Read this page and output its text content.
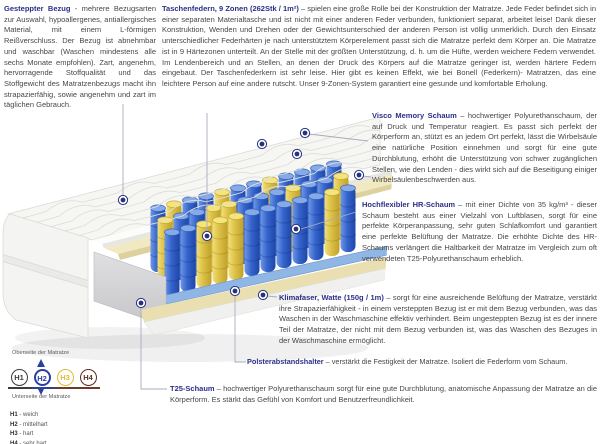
Gesteppter Bezug - mehrere Bezugsarten zur Auswahl, hypoallergenes, antiallergisches Material, mit einem L-förmigen Reißverschluss. Der Bezug ist abnehmbar und waschbar (Waschen mindestens alle sechs Monate empfohlen). Zart, angenehm, hervorragende Stoffqualität und das Stoffgewicht des Matratzenbezugs macht ihn strapazierfähig, sowie angenehm und zart im täglichen Gebrauch.
Taschenfedern, 9 Zonen (262Stk / 1m²) – spielen eine große Rolle bei der Konstruktion der Matratze. Jede Feder befindet sich in einer separaten Materialtasche und ist nicht mit einer anderen Feder verbunden, funktioniert separat, arbeitet leise! Dank dieser Konstruktion, Wenden und Drehen oder der Gewichtsunterschied der anderen Person ist völlig unmerklich. Durch den Einsatz unterschiedlicher Federhärten je nach unterstütztem Körperelement passt sich die Matratze perfekt dem Körper an. Die Matratze ist in 9 Härtezonen unterteilt. An der Stelle mit der größten Unterstützung, d. h. um die Hüfte, werden weichere Federn verwendet. Im Lendenbereich und an Stellen, an denen der Druck des Körpers auf die Matratze geringer ist, werden härtere Federn eingebaut. Der Taschenfederkern ist sehr leise. Hier gibt es keinen Effekt, wie bei Bonell (Federkern)- Matratzen, das eine leichtere Person auf eine andere rutscht. Unser 9-Zonen-System garantiert eine gesunde und komfortable Erholung.
Visco Memory Schaum – hochwertiger Polyurethanschaum, der auf Druck und Temperatur reagiert. Es passt sich perfekt der Körperform an, stützt es an jedem Ort perfekt, lässt die Wirbelsäule eine natürliche Position einnehmen und sorgt für eine gute Durchblutung, erhöht die Unterstützung von schwer zugänglichen Stellen, wie den Lenden - dies wirkt sich auf die Beseitigung einiger Wirbelsäulenbeschwerden aus.
Hochflexibler HR-Schaum – mit einer Dichte von 35 kg/m³ - dieser Schaum besteht aus einer Vielzahl von Luftblasen, sorgt für eine perfekte Körperanpassung, sehr guten Schlafkomfort und garantiert eine perfekte Belüftung der Matratze. Die erhöhte Dichte des HR-Schaums verlängert die Haltbarkeit der Matratze im Vergleich zum oft verwendeten T25-Polyurethanschaum erheblich.
Klimafaser, Watte (150g / 1m) – sorgt für eine ausreichende Belüftung der Matratze, verstärkt ihre Strapazierfähigkeit - in einem versteppten Bezug ist er mit dem Bezug verbunden, was das Waschen in der Waschmaschine effektiv verhindert. Beim ungesteppten Bezug ist es der innere Teil der Matratze, der nicht mit dem Bezug verbunden ist, was das Waschen des Bezuges in der Waschmaschine ermöglicht.
Polsterabstandshalter – verstärkt die Festigkeit der Matratze. Isoliert die Federform vom Schaum.
T25-Schaum – hochwertiger Polyurethanschaum sorgt für eine gute Durchblutung, anatomische Anpassung der Matratze an die Körperform. Es stärkt das Gefühl von Komfort und Benutzerfreundlichkeit.
Oberseite der Matratze
H1	H2	H3	H4
Unterseite der Matratze
H1 - weich
H2 - mittelhart
H3 - hart
H4 - sehr hart
